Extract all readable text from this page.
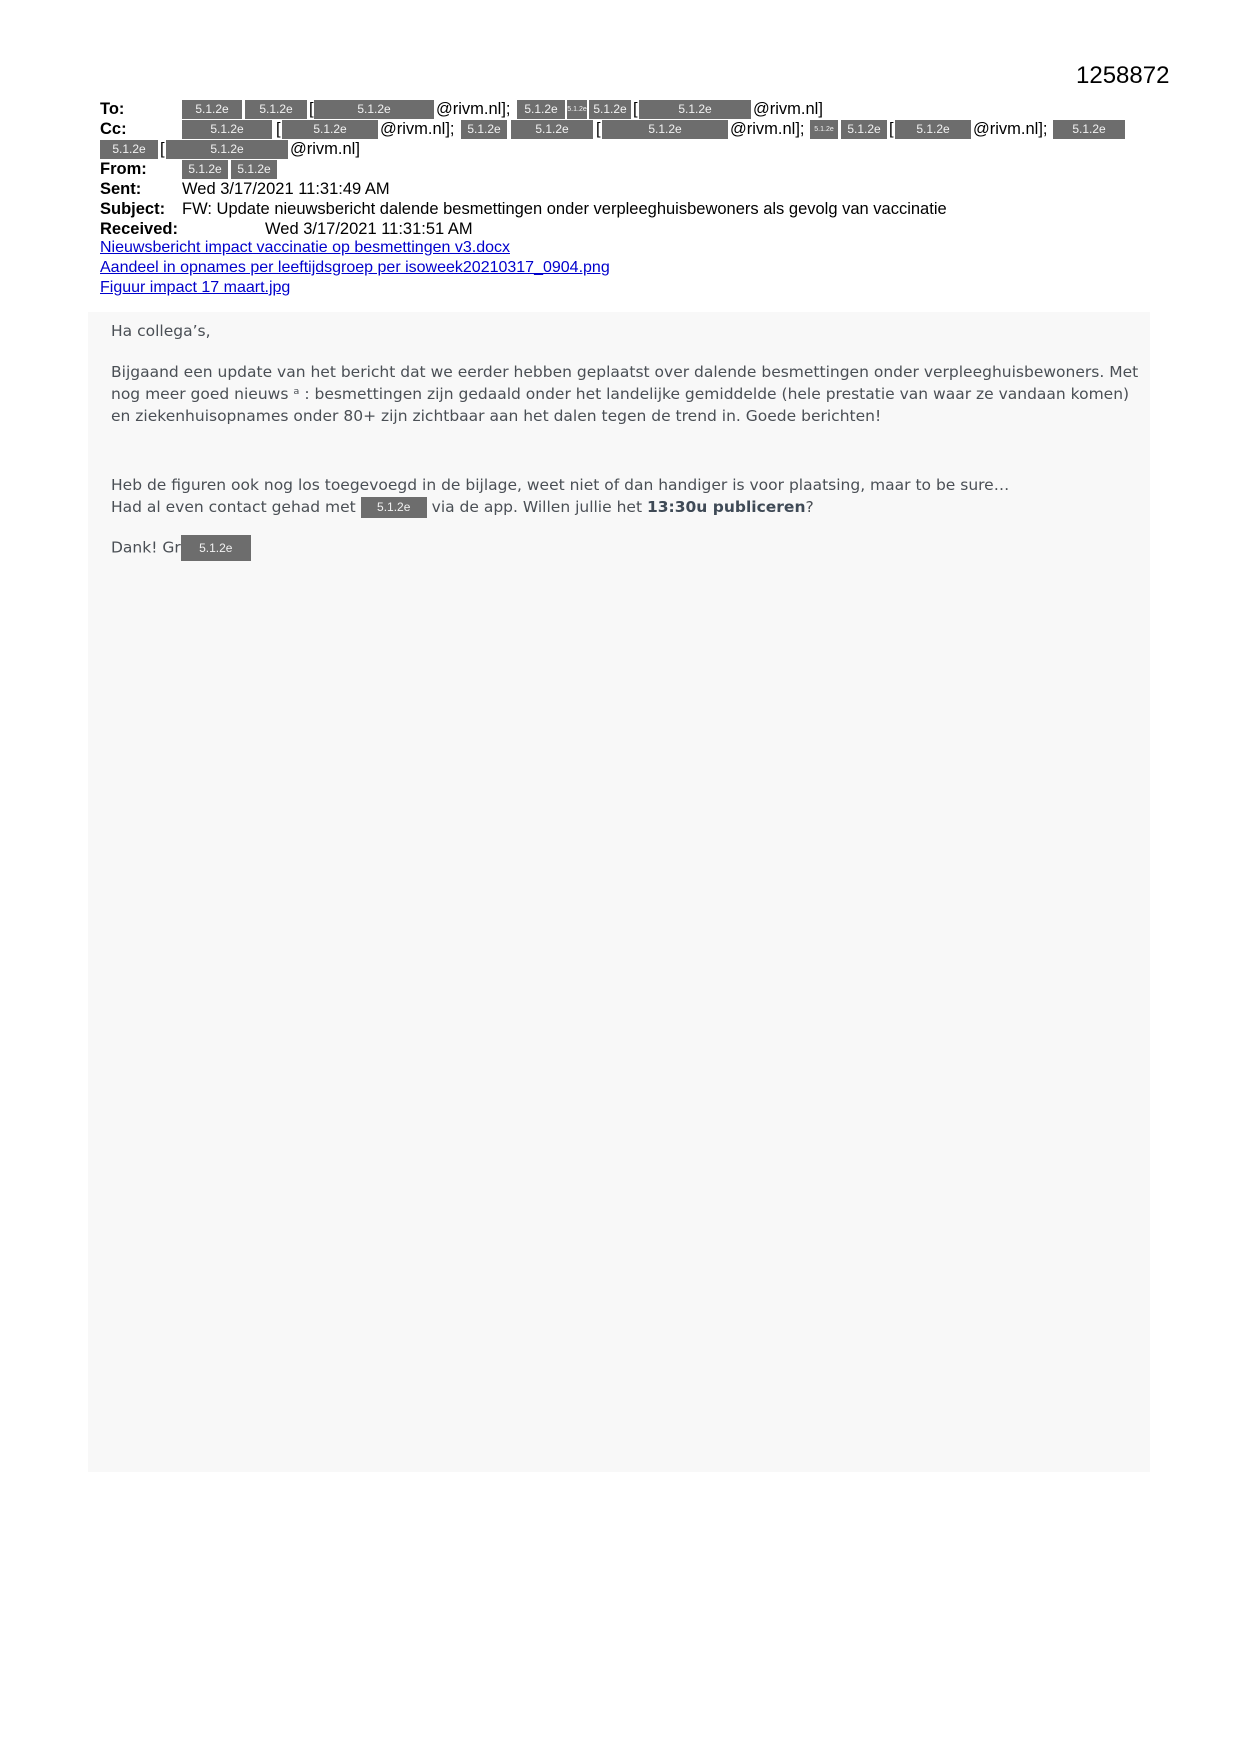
1258872
To:	5.1.2e	5.1.2e [	5.1.2e	@rivm.nl];	5.1.2e	5.1.2e 5.1.2e [	5.1.2e	@rivm.nl]
Cc:	5.1.2e	[	5.1.2e	@rivm.nl];	5.1.2e	5.1.2e	[	5.1.2e	@rivm.nl];	5.1.2e	5.1.2e [	5.1.2e	@rivm.nl];	5.1.2e
5.1.2e [	5.1.2e	@rivm.nl]
From:	5.1.2e	5.1.2e
Sent: Wed 3/17/2021 11:31:49 AM
Subject: FW: Update nieuwsbericht dalende besmettingen onder verpleeghuisbewoners als gevolg van vaccinatie
Received:	Wed 3/17/2021 11:31:51 AM
Nieuwsbericht impact vaccinatie op besmettingen v3.docx
Aandeel in opnames per leeftijdsgroep per isoweek20210317_0904.png
Figuur impact 17 maart.jpg
Ha collega’s,
Bijgaand een update van het bericht dat we eerder hebben geplaatst over dalende besmettingen onder verpleeghuisbewoners. Met nog meer goed nieuws ᵃ : besmettingen zijn gedaald onder het landelijke gemiddelde (hele prestatie van waar ze vandaan komen) en ziekenhuisopnames onder 80+ zijn zichtbaar aan het dalen tegen de trend in. Goede berichten!
Heb de figuren ook nog los toegevoegd in de bijlage, weet niet of dan handiger is voor plaatsing, maar to be sure…
Had al even contact gehad met 5.1.2e via de app. Willen jullie het 13:30u publiceren?
Dank! Gr 5.1.2e
